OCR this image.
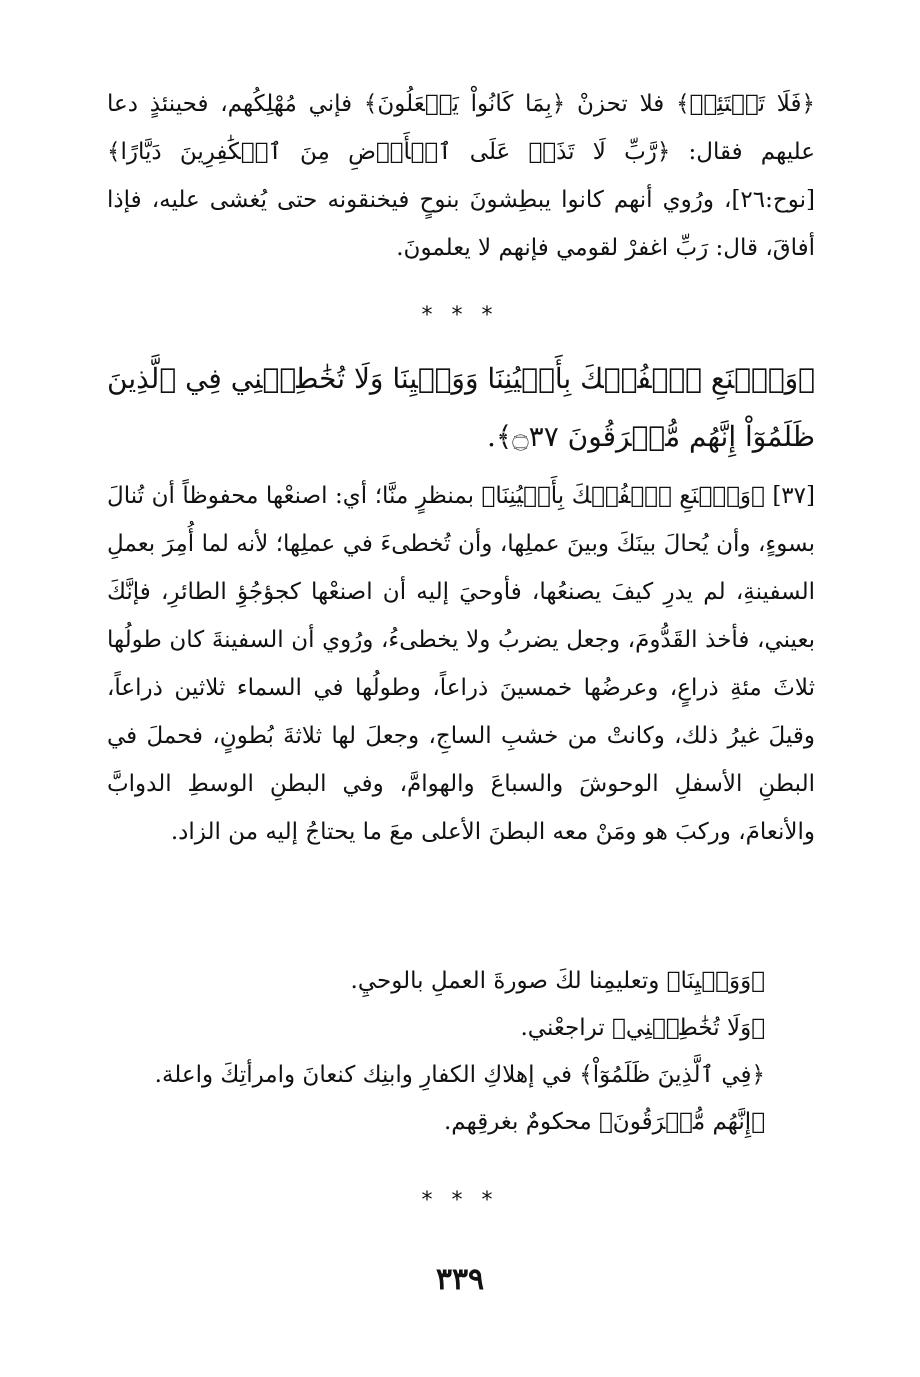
﴿فَلَا تَبۡتَئِسۡ﴾ فلا تحزنْ ﴿بِمَا كَانُواْ يَفۡعَلُونَ﴾ فإني مُهْلِكُهم، فحينئذٍ دعا عليهم فقال: ﴿رَّبِّ لَا تَذَرۡ عَلَى ٱلۡأَرۡضِ مِنَ ٱلۡكَٰفِرِينَ دَيَّارًا﴾ [نوح:٢٦]، ورُوي أنهم كانوا يبطِشونَ بنوحٍ فيخنقونه حتى يُغشى عليه، فإذا أفاقَ، قال: رَبِّ اغفرْ لقومي فإنهم لا يعلمونَ.

* * *

﴿وَٱصۡنَعِ ٱلۡفُلۡكَ بِأَعۡيُنِنَا وَوَحۡيِنَا وَلَا تُخَٰطِبۡنِي فِي ٱلَّذِينَ ظَلَمُوٓاْ إِنَّهُم مُّغۡرَقُونَ ۝٣٧﴾.

[٣٧] ﴿وَٱصۡنَعِ ٱلۡفُلۡكَ بِأَعۡيُنِنَا﴾ بمنظرٍ منَّا؛ أي: اصنعْها محفوظاً أن تُنالَ بسوءٍ، وأن يُحالَ بينَكَ وبينَ عملِها، وأن تُخطىءَ في عملِها؛ لأنه لما أُمِرَ بعملِ السفينةِ، لم يدرِ كيفَ يصنعُها، فأوحيَ إليه أن اصنعْها كجؤجُؤِ الطائرِ، فإنَّكَ بعيني، فأخذ القَدُّومَ، وجعل يضربُ ولا يخطىءُ، ورُوي أن السفينةَ كان طولُها ثلاثَ مئةِ ذراعٍ، وعرضُها خمسينَ ذراعاً، وطولُها في السماء ثلاثين ذراعاً، وقيلَ غيرُ ذلك، وكانتْ من خشبِ الساجِ، وجعلَ لها ثلاثةَ بُطونٍ، فحملَ في البطنِ الأسفلِ الوحوشَ والسباعَ والهوامَّ، وفي البطنِ الوسطِ الدوابَّ والأنعامَ، وركبَ هو ومَنْ معه البطنَ الأعلى معَ ما يحتاجُ إليه من الزاد.

﴿وَوَحۡيِنَا﴾ وتعليمِنا لكَ صورةَ العملِ بالوحيِ.

﴿وَلَا تُخَٰطِبۡنِي﴾ تراجعْني.

﴿فِي ٱلَّذِينَ ظَلَمُوٓاْ﴾ في إهلاكِ الكفارِ وابنِك كنعانَ وامرأتِكَ واعلة.

﴿إِنَّهُم مُّغۡرَقُونَ﴾ محكومٌ بغرقِهم.

* * *
٣٣٩
